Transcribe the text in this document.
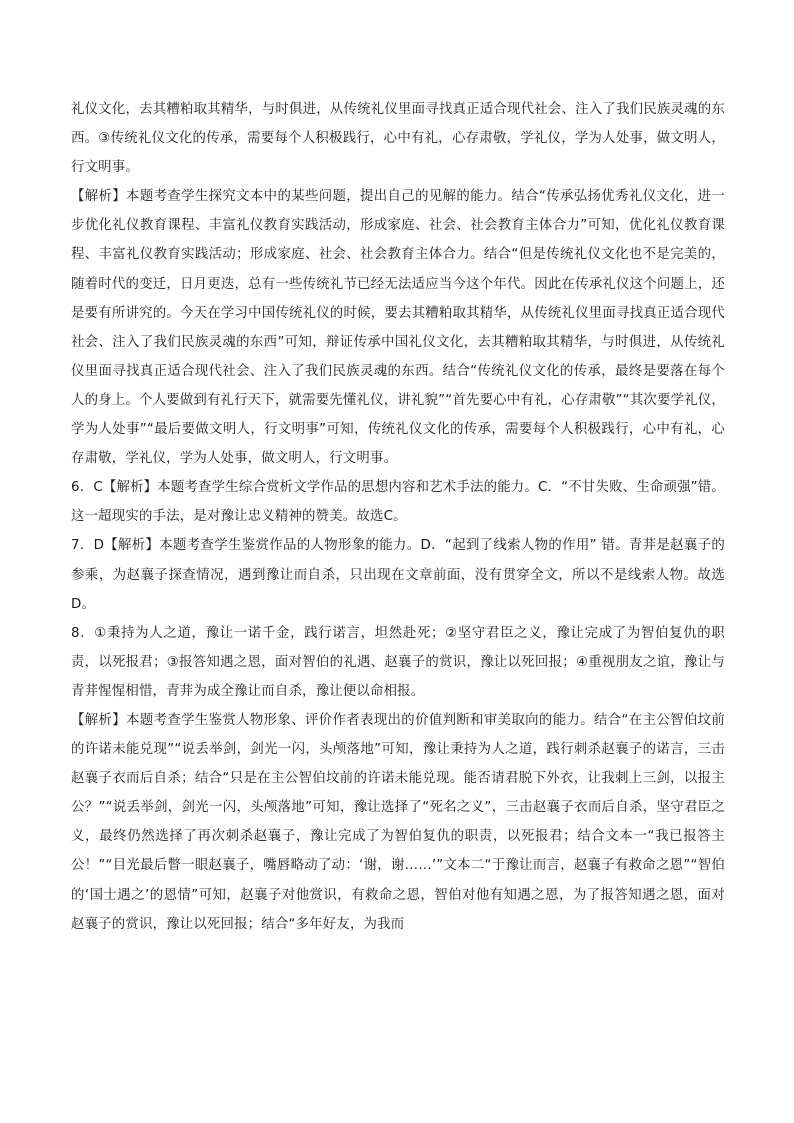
礼仪文化，去其糟粕取其精华，与时俱进，从传统礼仪里面寻找真正适合现代社会、注入了我们民族灵魂的东西。③传统礼仪文化的传承，需要每个人积极践行，心中有礼，心存肃敬，学礼仪，学为人处事，做文明人，行文明事。

【解析】本题考查学生探究文本中的某些问题，提出自己的见解的能力。结合“传承弘扬优秀礼仪文化，进一步优化礼仪教育课程、丰富礼仪教育实践活动，形成家庭、社会、社会教育主体合力”可知，优化礼仪教育课程、丰富礼仪教育实践活动；形成家庭、社会、社会教育主体合力。结合“但是传统礼仪文化也不是完美的，随着时代的变迁，日月更迭，总有一些传统礼节已经无法适应当今这个年代。因此在传承礼仪这个问题上，还是要有所讲究的。今天在学习中国传统礼仪的时候，要去其糟粕取其精华，从传统礼仪里面寻找真正适合现代社会、注入了我们民族灵魂的东西”可知，辩证传承中国礼仪文化，去其糟粕取其精华，与时俱进，从传统礼仪里面寻找真正适合现代社会、注入了我们民族灵魂的东西。结合“传统礼仪文化的传承，最终是要落在每个人的身上。个人要做到有礼行天下，就需要先懂礼仪，讲礼貌”“首先要心中有礼，心存肃敬”“其次要学礼仪，学为人处事”“最后要做文明人，行文明事”可知，传统礼仪文化的传承，需要每个人积极践行，心中有礼，心存肃敬，学礼仪，学为人处事，做文明人，行文明事。

6．C【解析】本题考查学生综合赏析文学作品的思想内容和艺术手法的能力。C．“不甘失败、生命顽强”错。这一超现实的手法，是对豫让忠义精神的赞美。故选C。

7．D【解析】本题考查学生鉴赏作品的人物形象的能力。D．“起到了线索人物的作用” 错。青荓是赵襄子的参乘，为赵襄子探查情况，遇到豫让而自杀，只出现在文章前面，没有贯穿全文，所以不是线索人物。故选D。

8．①秉持为人之道，豫让一诺千金，践行诺言，坦然赴死；②坚守君臣之义，豫让完成了为智伯复仇的职责，以死报君；③报答知遇之恩，面对智伯的礼遇、赵襄子的赏识，豫让以死回报；④重视朋友之谊，豫让与青荓惺惺相惜，青荓为成全豫让而自杀，豫让便以命相报。

【解析】本题考查学生鉴赏人物形象、评价作者表现出的价值判断和审美取向的能力。结合“在主公智伯坟前的许诺未能兑现”“说丢举剑，剑光一闪，头颅落地”可知，豫让秉持为人之道，践行刺杀赵襄子的诺言，三击赵襄子衣而后自杀；结合“只是在主公智伯坟前的许诺未能兑现。能否请君脱下外衣，让我刺上三剑，以报主公？”“说丢举剑，剑光一闪，头颅落地”可知，豫让选择了“死名之义”，三击赵襄子衣而后自杀，坚守君臣之义，最终仍然选择了再次刺杀赵襄子，豫让完成了为智伯复仇的职责，以死报君；结合文本一“我已报答主公！”“目光最后瞥一眼赵襄子，嘴唇略动了动：‘谢，谢……’”文本二“于豫让而言，赵襄子有救命之恩”“智伯的‘国士遇之’的恩情”可知，赵襄子对他赏识，有救命之恩，智伯对他有知遇之恩，为了报答知遇之恩，面对赵襄子的赏识，豫让以死回报；结合“多年好友，为我而
